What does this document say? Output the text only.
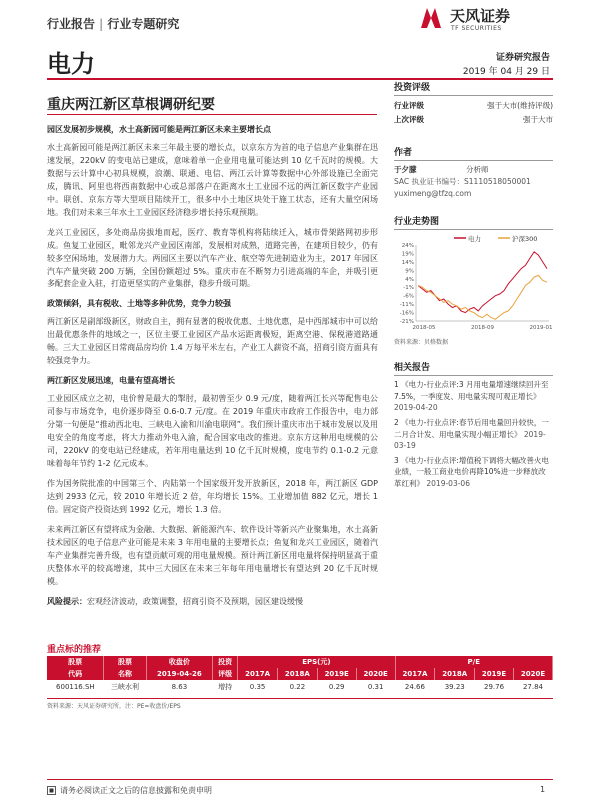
行业报告 | 行业专题研究	天风证券
TF SECURITIES
电力	证券研究报告
2019 年 04 月 29 日
重庆两江新区草根调研纪要
园区发展初步规模，水土高新园可能是两江新区未来主要增长点

水土高新园可能是两江新区未来三年最主要的增长点，以京东方为首的电子信息产业集群在迅速发展，220kV 的变电站已建成，意味着单一企业用电量可能达到 10 亿千瓦时的规模。大数据与云计算中心初具规模，浪潮、联通、电信、两江云计算等数据中心外部设施已全面完成，腾讯、阿里也将西南数据中心或总部落户在距离水土工业园不远的两江新区数字产业园中。联创、京东方等大型项目陆续开工，很多中小土地区块处于施工状态，还有大量空闲场地。我们对未来三年水土工业园区经济稳步增长持乐观预期。

龙兴工业园区，多处商品房拔地而起，医疗、教育等机构将陆续迁入，城市骨架路网初步形成。鱼复工业园区，毗邻龙兴产业园区南部，发展相对成熟，道路完善，在建项目较少，仍有较多空闲场地，发展潜力大。两园区主要以汽车产业、航空等先进制造业为主，2017 年园区汽车产量突破 200 万辆，全国份额超过 5%。重庆市在不断努力引进高端的车企，并吸引更多配套企业入驻，打造更坚实的产业集群，稳步升级可期。

政策倾斜，具有税收、土地等多种优势，竞争力较强

两江新区是副部级新区，财政自主，拥有显著的税收优惠、土地优惠，是中西部城市中可以给出最优惠条件的地域之一，区位主要工业园区产品水运距离极短，距离空港、保税港道路通畅。三大工业园区日常商品房均价 1.4 万每平米左右，产业工人薪资不高，招商引资方面具有较强竞争力。

两江新区发展迅速，电量有望高增长

工业园区成立之初，电价曾是最大的掣肘，最初曾至少 0.9 元/度，随着两江长兴等配售电公司参与市场竞争，电价逐步降至 0.6-0.7 元/度。在 2019 年重庆市政府工作报告中，电力部分第一句便是“推动西北电、三峡电入渝和川渝电联网”。我们预计重庆市出于城市发展以及用电安全的角度考虑，将大力推动外电入渝，配合国家电改的推进。京东方这种用电规模的公司，220kV 的变电站已经建成，若年用电量达到 10 亿千瓦时规模，度电节约 0.1-0.2 元意味着每年节约 1-2 亿元成本。

作为国务院批准的中国第三个、内陆第一个国家级开发开放新区，2018 年，两江新区 GDP 达到 2933 亿元，较 2010 年增长近 2 倍，年均增长 15%。工业增加值 882 亿元，增长 1 倍。固定资产投资达到 1992 亿元，增长 1.3 倍。

未来两江新区有望将成为金融、大数据、新能源汽车、软件设计等新兴产业聚集地，水土高新技术园区的电子信息产业可能是未来 3 年用电量的主要增长点；鱼复和龙兴工业园区，随着汽车产业集群完善升级，也有望贡献可观的用电量规模。预计两江新区用电量将保持明显高于重庆整体水平的较高增速，其中三大园区在未来三年每年用电量增长有望达到 20 亿千瓦时规模。

风险提示：宏观经济波动，政策调整，招商引资不及预期，园区建设缓慢

投资评级
行业评级	强于大市(维持评级)
上次评级	强于大市
作者
于夕朦	分析师
SAC 执业证书编号：S1110518050001
yuximeng@tfzq.com
行业走势图
电力	沪深300
24%
19%
14%
9%
4%
-1%
-6%
-11%
-16%
-21%
2018-05	2018-09	2019-01
资料来源：贝格数据
相关报告
1 《电力-行业点评:3 月用电量增速继续回升至 7.5%，一季度发、用电量实现可观正增长》 2019-04-20
2 《电力-行业点评:春节后用电量回升较快，一二月合计发、用电量实现小幅正增长》 2019-03-19
3 《电力-行业点评:增值税下调将大幅改善火电业绩，一般工商业电价再降10%进一步释放改革红利》 2019-03-06
重点标的推荐
股票	股票	收盘价	投资	EPS(元)				P/E			
代码	名称	2019-04-26	评级	2017A	2018A	2019E	2020E	2017A	2018A	2019E	2020E
600116.SH	三峡水利	8.63	增持	0.35	0.22	0.29	0.31	24.66	39.23	29.76	27.84
资料来源：天风证券研究所，注：PE=收盘价/EPS
请务必阅读正文之后的信息披露和免责申明	1
